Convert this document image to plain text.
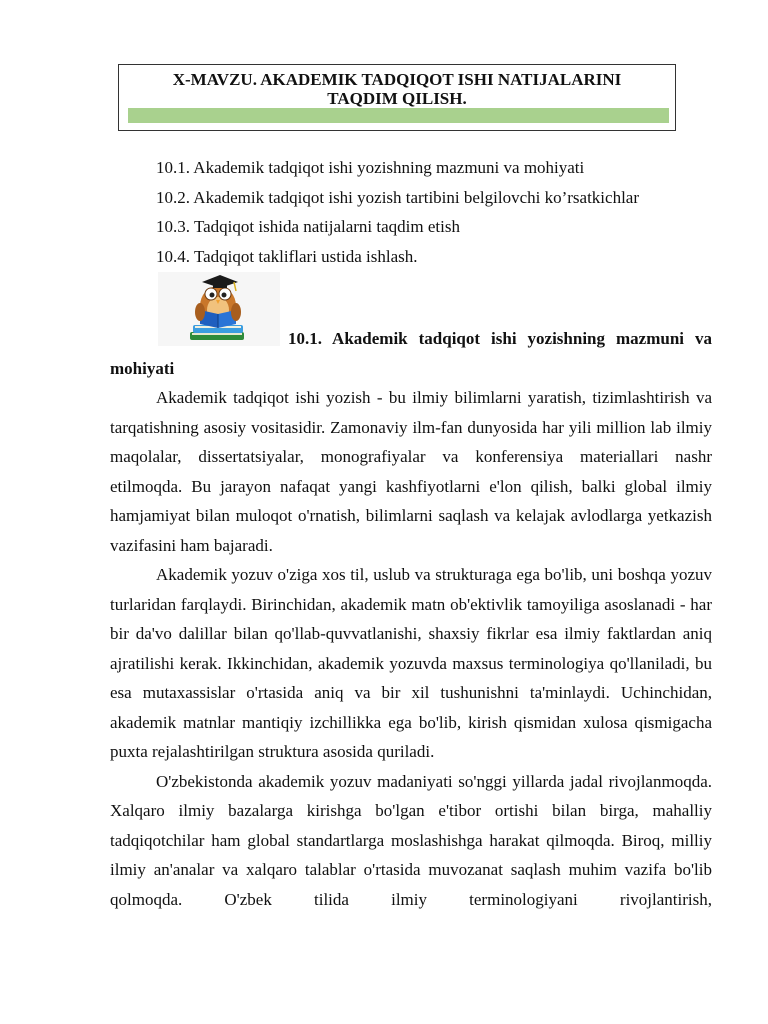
X-MAVZU. AKADEMIK TADQIQOT ISHI NATIJALARINI
TAQDIM QILISH.
10.1. Akademik tadqiqot ishi yozishning mazmuni va mohiyati
10.2. Akademik tadqiqot ishi yozish tartibini belgilovchi ko’rsatkichlar
10.3. Tadqiqot ishida natijalarni taqdim etish
10.4. Tadqiqot takliflari ustida ishlash.
10.1. Akademik tadqiqot ishi yozishning mazmuni va
mohiyati

Akademik tadqiqot ishi yozish - bu ilmiy bilimlarni yaratish, tizimlashtirish va tarqatishning asosiy vositasidir. Zamonaviy ilm-fan dunyosida har yili million lab ilmiy maqolalar, dissertatsiyalar, monografiyalar va konferensiya materiallari nashr etilmoqda. Bu jarayon nafaqat yangi kashfiyotlarni e'lon qilish, balki global ilmiy hamjamiyat bilan muloqot o'rnatish, bilimlarni saqlash va kelajak avlodlarga yetkazish vazifasini ham bajaradi.

Akademik yozuv o'ziga xos til, uslub va strukturaga ega bo'lib, uni boshqa yozuv turlaridan farqlaydi. Birinchidan, akademik matn ob'ektivlik tamoyiliga asoslanadi - har bir da'vo dalillar bilan qo'llab-quvvatlanishi, shaxsiy fikrlar esa ilmiy faktlardan aniq ajratilishi kerak. Ikkinchidan, akademik yozuvda maxsus terminologiya qo'llaniladi, bu esa mutaxassislar o'rtasida aniq va bir xil tushunishni ta'minlaydi. Uchinchidan, akademik matnlar mantiqiy izchillikka ega bo'lib, kirish qismidan xulosa qismigacha puxta rejalashtirilgan struktura asosida quriladi.

O'zbekistonda akademik yozuv madaniyati so'nggi yillarda jadal rivojlanmoqda. Xalqaro ilmiy bazalarga kirishga bo'lgan e'tibor ortishi bilan birga, mahalliy tadqiqotchilar ham global standartlarga moslashishga harakat qilmoqda. Biroq, milliy ilmiy an'analar va xalqaro talablar o'rtasida muvozanat saqlash muhim vazifa bo'lib qolmoqda. O'zbek tilida ilmiy terminologiyani rivojlantirish,
